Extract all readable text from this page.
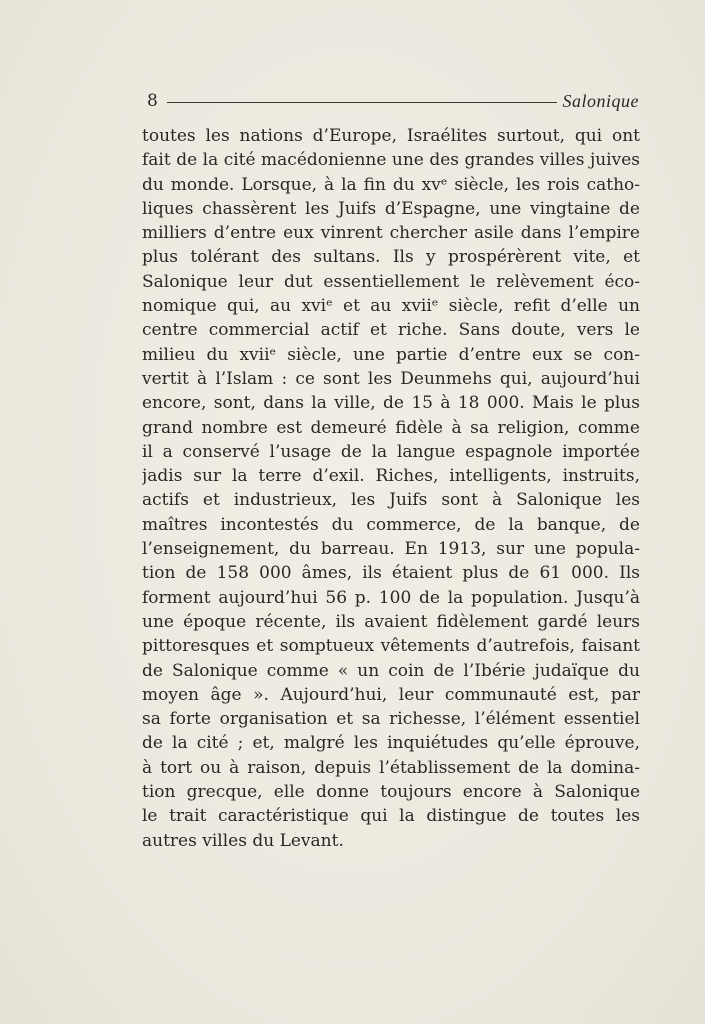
8	Salonique
toutes les nations d’Europe, Israélites surtout, qui ont
fait de la cité macédonienne une des grandes villes juives
du monde. Lorsque, à la fin du xvᵉ siècle, les rois catho-
liques chassèrent les Juifs d’Espagne, une vingtaine de
milliers d’entre eux vinrent chercher asile dans l’empire
plus tolérant des sultans. Ils y prospérèrent vite, et
Salonique leur dut essentiellement le relèvement éco-
nomique qui, au xviᵉ et au xviiᵉ siècle, refit d’elle un
centre commercial actif et riche. Sans doute, vers le
milieu du xviiᵉ siècle, une partie d’entre eux se con-
vertit à l’Islam : ce sont les Deunmehs qui, aujourd’hui
encore, sont, dans la ville, de 15 à 18 000. Mais le plus
grand nombre est demeuré fidèle à sa religion, comme
il a conservé l’usage de la langue espagnole importée
jadis sur la terre d’exil. Riches, intelligents, instruits,
actifs et industrieux, les Juifs sont à Salonique les
maîtres incontestés du commerce, de la banque, de
l’enseignement, du barreau. En 1913, sur une popula-
tion de 158 000 âmes, ils étaient plus de 61 000. Ils
forment aujourd’hui 56 p. 100 de la population. Jusqu’à
une époque récente, ils avaient fidèlement gardé leurs
pittoresques et somptueux vêtements d’autrefois, faisant
de Salonique comme « un coin de l’Ibérie judaïque du
moyen âge ». Aujourd’hui, leur communauté est, par
sa forte organisation et sa richesse, l’élément essentiel
de la cité ; et, malgré les inquiétudes qu’elle éprouve,
à tort ou à raison, depuis l’établissement de la domina-
tion grecque, elle donne toujours encore à Salonique
le trait caractéristique qui la distingue de toutes les
autres villes du Levant.
